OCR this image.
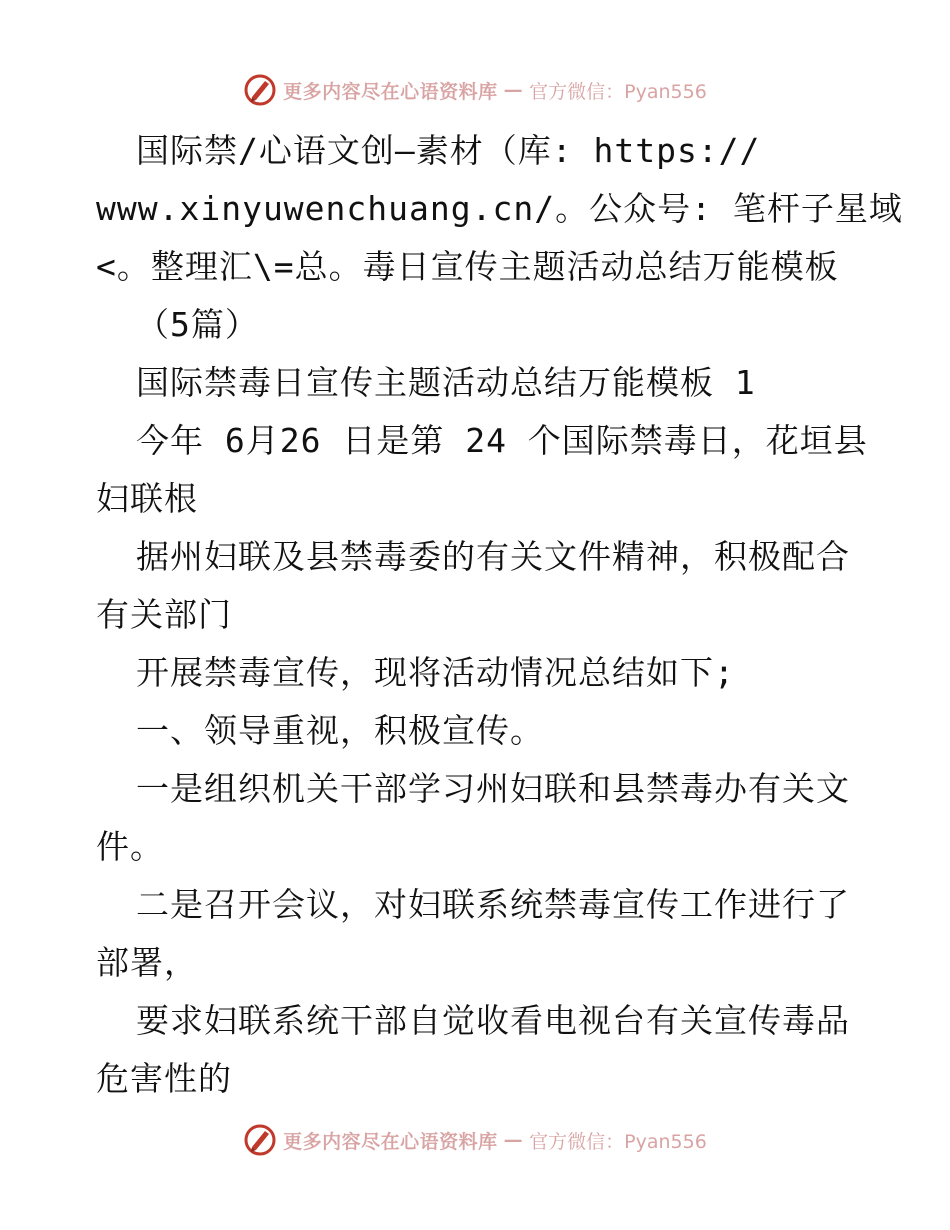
更多内容尽在心语资料库 — 官方微信：Pyan556
国际禁/心语文创—素材（库: https://
www.xinyuwenchuang.cn/。公众号: 笔杆子星域
<。整理汇\=总。毒日宣传主题活动总结万能模板
（5篇）
国际禁毒日宣传主题活动总结万能模板 1
今年 6月26 日是第 24 个国际禁毒日，花垣县
妇联根
据州妇联及县禁毒委的有关文件精神，积极配合
有关部门
开展禁毒宣传，现将活动情况总结如下;
一、领导重视，积极宣传。
一是组织机关干部学习州妇联和县禁毒办有关文
件。
二是召开会议，对妇联系统禁毒宣传工作进行了
部署，
要求妇联系统干部自觉收看电视台有关宣传毒品
危害性的
更多内容尽在心语资料库 — 官方微信：Pyan556
